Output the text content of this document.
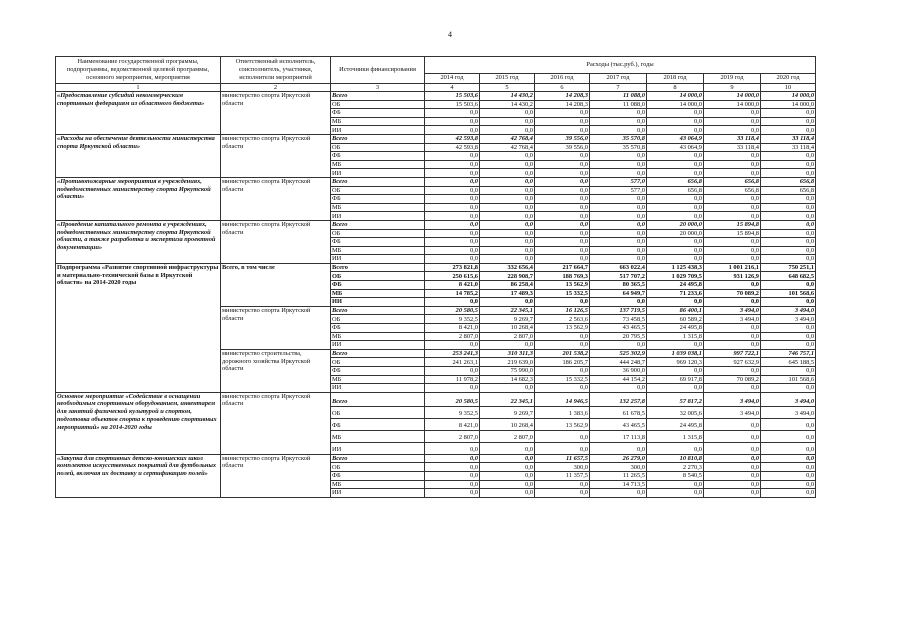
4
Наименование государственной программы, подпрограммы, ведомственной целевой программы, основного мероприятия, мероприятия	Ответственный исполнитель, соисполнитель, участники, исполнители мероприятий	Источники финансирования	Расходы (тыс.руб.), годы						
			2014 год	2015 год	2016 год	2017 год	2018 год	2019 год	2020 год
1	2	3	4	5	6	7	8	9	10
«Предоставление субсидий некоммерческим спортивным федерациям из областного бюджета»	министерство спорта Иркутской области	Всего	15 503,6	14 430,2	14 208,3	11 088,0	14 000,0	14 000,0	14 000,0
		ОБ	15 503,6	14 430,2	14 208,3	11 088,0	14 000,0	14 000,0	14 000,0
		ФБ	0,0	0,0	0,0	0,0	0,0	0,0	0,0
		МБ	0,0	0,0	0,0	0,0	0,0	0,0	0,0
		ИИ	0,0	0,0	0,0	0,0	0,0	0,0	0,0
«Расходы на обеспечение деятельности министерства спорта Иркутской области»	министерство спорта Иркутской области	Всего	42 593,8	42 768,4	39 556,0	35 570,8	43 064,9	33 118,4	33 118,4
		ОБ	42 593,8	42 768,4	39 556,0	35 570,8	43 064,9	33 118,4	33 118,4
		ФБ	0,0	0,0	0,0	0,0	0,0	0,0	0,0
		МБ	0,0	0,0	0,0	0,0	0,0	0,0	0,0
		ИИ	0,0	0,0	0,0	0,0	0,0	0,0	0,0
«Противопожарные мероприятия в учреждениях, подведомственных министерству спорта Иркутской области»	министерство спорта Иркутской области	Всего	0,0	0,0	0,0	577,0	656,8	656,8	656,8
		ОБ	0,0	0,0	0,0	577,0	656,8	656,8	656,8
		ФБ	0,0	0,0	0,0	0,0	0,0	0,0	0,0
		МБ	0,0	0,0	0,0	0,0	0,0	0,0	0,0
		ИИ	0,0	0,0	0,0	0,0	0,0	0,0	0,0
«Проведение капитального ремонта в учреждениях, подведомственных министерству спорта Иркутской области, а также разработка и экспертиза проектной документации»	министерство спорта Иркутской области	Всего	0,0	0,0	0,0	0,0	20 000,0	15 894,8	0,0
		ОБ	0,0	0,0	0,0	0,0	20 000,0	15 894,8	0,0
		ФБ	0,0	0,0	0,0	0,0	0,0	0,0	0,0
		МБ	0,0	0,0	0,0	0,0	0,0	0,0	0,0
		ИИ	0,0	0,0	0,0	0,0	0,0	0,0	0,0
Подпрограмма «Развитие спортивной инфраструктуры и материально-технической базы в Иркутской области» на 2014-2020 годы	Всего, в том числе	Всего	273 821,8	332 656,4	217 664,7	663 022,4	1 125 438,3	1 001 216,1	750 251,1
		ОБ	250 615,6	228 908,7	188 769,3	517 707,2	1 029 709,5	931 126,9	648 682,5
		ФБ	8 421,0	86 258,4	13 562,9	80 365,5	24 495,8	0,0	0,0
		МБ	14 785,2	17 489,3	15 332,5	64 949,7	71 233,6	70 089,2	101 568,6
		ИИ	0,0	0,0	0,0	0,0	0,0	0,0	0,0
	министерство спорта Иркутской области	Всего	20 580,5	22 345,1	16 126,5	137 719,5	86 400,1	3 494,0	3 494,0
		ОБ	9 352,5	9 269,7	2 563,6	73 458,5	60 589,2	3 494,0	3 494,0
		ФБ	8 421,0	10 268,4	13 562,9	43 465,5	24 495,8	0,0	0,0
		МБ	2 807,0	2 807,0	0,0	20 795,5	1 315,8	0,0	0,0
		ИИ	0,0	0,0	0,0	0,0	0,0	0,0	0,0
	министерство строительства, дорожного хозяйства Иркутской области	Всего	253 241,3	310 311,3	201 538,2	525 302,9	1 039 038,1	997 722,1	746 757,1
		ОБ	241 263,1	219 639,0	186 205,7	444 248,7	969 120,3	927 632,9	645 188,5
		ФБ	0,0	75 990,0	0,0	36 900,0	0,0	0,0	0,0
		МБ	11 978,2	14 682,3	15 332,5	44 154,2	69 917,8	70 089,2	101 568,6
		ИИ	0,0	0,0	0,0	0,0	0,0	0,0	0,0
Основное мероприятие «Содействие в оснащении необходимым спортивным оборудованием, инвентарем для занятий физической культурой и спортом, подготовка объектов спорта к проведению спортивных мероприятий» на 2014-2020 годы	министерство спорта Иркутской области	Всего	20 580,5	22 345,1	14 946,5	132 257,8	57 817,2	3 494,0	3 494,0
		ОБ	9 352,5	9 269,7	1 383,6	61 678,5	32 005,6	3 494,0	3 494,0
		ФБ	8 421,0	10 268,4	13 562,9	43 465,5	24 495,8	0,0	0,0
		МБ	2 807,0	2 807,0	0,0	17 113,8	1 315,8	0,0	0,0
		ИИ	0,0	0,0	0,0	0,0	0,0	0,0	0,0
«Закупка для спортивных детско-юношеских школ комплектов искусственных покрытий для футбольных полей, включая их доставку и сертификацию полей»	министерство спорта Иркутской области	Всего	0,0	0,0	11 657,5	26 279,0	10 810,8	0,0	0,0
		ОБ	0,0	0,0	300,0	300,0	2 270,3	0,0	0,0
		ФБ	0,0	0,0	11 357,5	11 265,5	8 540,5	0,0	0,0
		МБ	0,0	0,0	0,0	14 713,5	0,0	0,0	0,0
		ИИ	0,0	0,0	0,0	0,0	0,0	0,0	0,0
